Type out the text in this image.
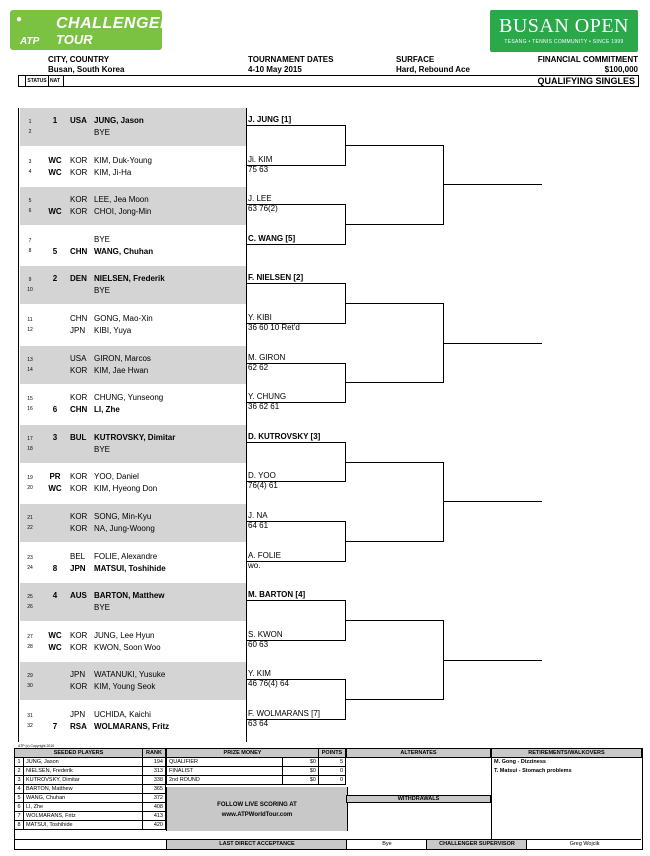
● CHALLENGER
TOUR
ATP
BUSAN OPEN
TESANG • TENNIS COMMUNITY • SINCE 1999
CITY, COUNTRY
Busan, South Korea
TOURNAMENT DATES
4-10 May 2015
SURFACE
Hard, Rebound Ace
FINANCIAL COMMITMENT
$100,000
STATUS NAT	QUALIFYING SINGLES
1	1	USA JUNG, Jason
2	BYE
J. JUNG [1]
3	WC KOR KIM, Duk-Young
4	WC KOR KIM, Ji-Ha
Ji. KIM
75 63
5	KOR LEE, Jea Moon
6	WC KOR CHOI, Jong-Min
J. LEE
63 76(2)
7	BYE
8	5	CHN WANG, Chuhan
C. WANG [5]
9	2	DEN NIELSEN, Frederik
10	BYE
F. NIELSEN [2]
11	CHN GONG, Mao-Xin
12	JPN	KIBI, Yuya
Y. KIBI
36 60 10 Ret'd
13	USA GIRON, Marcos
14	KOR KIM, Jae Hwan
M. GIRON
62 62
15	KOR CHUNG, Yunseong
16	6	CHN LI, Zhe
Y. CHUNG
36 62 61
17	3	BUL KUTROVSKY, Dimitar
18	BYE
D. KUTROVSKY [3]
19	PR	KOR YOO, Daniel
20	WC KOR KIM, Hyeong Don
D. YOO
76(4) 61
21	KOR SONG, Min-Kyu
22	KOR NA, Jung-Woong
J. NA
64 61
23	BEL	FOLIE, Alexandre
24	8	JPN	MATSUI, Toshihide
A. FOLIE
wo.
25	4	AUS BARTON, Matthew
26	BYE
M. BARTON [4]
27	WC KOR JUNG, Lee Hyun
28	WC KOR KWON, Soon Woo
S. KWON
60 63
29	JPN	WATANUKI, Yusuke
30	KOR KIM, Young Seok
Y. KIM
46 76(4) 64
31	JPN	UCHIDA, Kaichi
32	7	RSA WOLMARANS, Fritz
F. WOLMARANS [7]
63 64
ATP (c) Copyright 2010
SEEDED PLAYERS		RANK
1	JUNG, Jason	194
2	NIELSEN, Frederik	313
3	KUTROVSKY, Dimitar	338
4	BARTON, Matthew	365
5	WANG, Chuhan	372
6	LI, Zhe	408
7	WOLMARANS, Fritz	413
8	MATSUI, Toshihide	420
PRIZE MONEY		POINTS
QUALIFIER	$0	5
FINALIST	$0	0
2nd ROUND	$0	0
FOLLOW LIVE SCORING AT
www.ATPWorldTour.com
ALTERNATES
WITHDRAWALS
RETIREMENTS/WALKOVERS
M. Gong - Dizziness
T. Matsui - Stomach problems
LAST DIRECT ACCEPTANCE	Bye	CHALLENGER SUPERVISOR	Greg Wojcik
